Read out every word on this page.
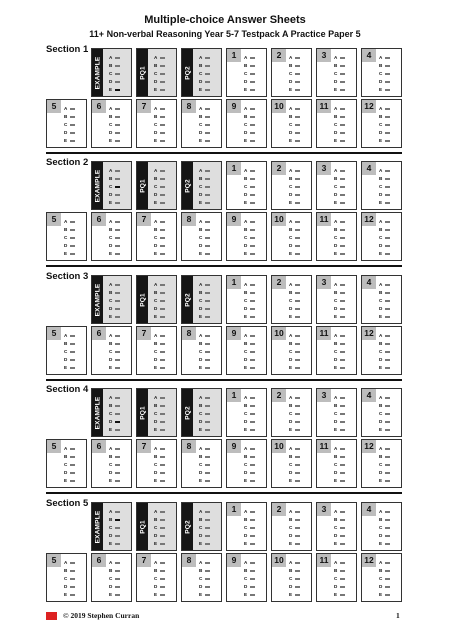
Multiple-choice Answer Sheets
11+ Non-verbal Reasoning Year 5-7 Testpack A Practice Paper 5
Section 1
EXAMPLE A
B
C
D
E
PQ1
A
B
C
D
E
PQ2
A
B
C
D
E
1	A
B
C
D
E
2	A
B
C
D
E
3	A
B
C
D
E
4	A
B
C
D
E
5	A
B
C
D
E
6	A
B
C
D
E
7	A
B
C
D
E
8	A
B
C
D
E
9	A
B
C
D
E
10	A
B
C
D
E
11	A
B
C
D
E
12	A
B
C
D
E
Section 2
EXAMPLE A
B
C
D
E
PQ1
A
B
C
D
E
PQ2
A
B
C
D
E
1	A
B
C
D
E
2	A
B
C
D
E
3	A
B
C
D
E
4	A
B
C
D
E
5	A
B
C
D
E
6	A
B
C
D
E
7	A
B
C
D
E
8	A
B
C
D
E
9	A
B
C
D
E
10	A
B
C
D
E
11	A
B
C
D
E
12	A
B
C
D
E
Section 3
EXAMPLE A
B
C
D
E
PQ1
A
B
C
D
E
PQ2
A
B
C
D
E
1	A
B
C
D
E
2	A
B
C
D
E
3	A
B
C
D
E
4	A
B
C
D
E
5	A
B
C
D
E
6	A
B
C
D
E
7	A
B
C
D
E
8	A
B
C
D
E
9	A
B
C
D
E
10	A
B
C
D
E
11	A
B
C
D
E
12	A
B
C
D
E
Section 4
EXAMPLE A
B
C
D
E
PQ1
A
B
C
D
E
PQ2
A
B
C
D
E
1	A
B
C
D
E
2	A
B
C
D
E
3	A
B
C
D
E
4	A
B
C
D
E
5	A
B
C
D
E
6	A
B
C
D
E
7	A
B
C
D
E
8	A
B
C
D
E
9	A
B
C
D
E
10	A
B
C
D
E
11	A
B
C
D
E
12	A
B
C
D
E
Section 5
EXAMPLE A
B
C
D
E
PQ1
A
B
C
D
E
PQ2
A
B
C
D
E
1	A
B
C
D
E
2	A
B
C
D
E
3	A
B
C
D
E
4	A
B
C
D
E
5	A
B
C
D
E
6	A
B
C
D
E
7	A
B
C
D
E
8	A
B
C
D
E
9	A
B
C
D
E
10	A
B
C
D
E
11	A
B
C
D
E
12	A
B
C
D
E
© 2019 Stephen Curran	1
